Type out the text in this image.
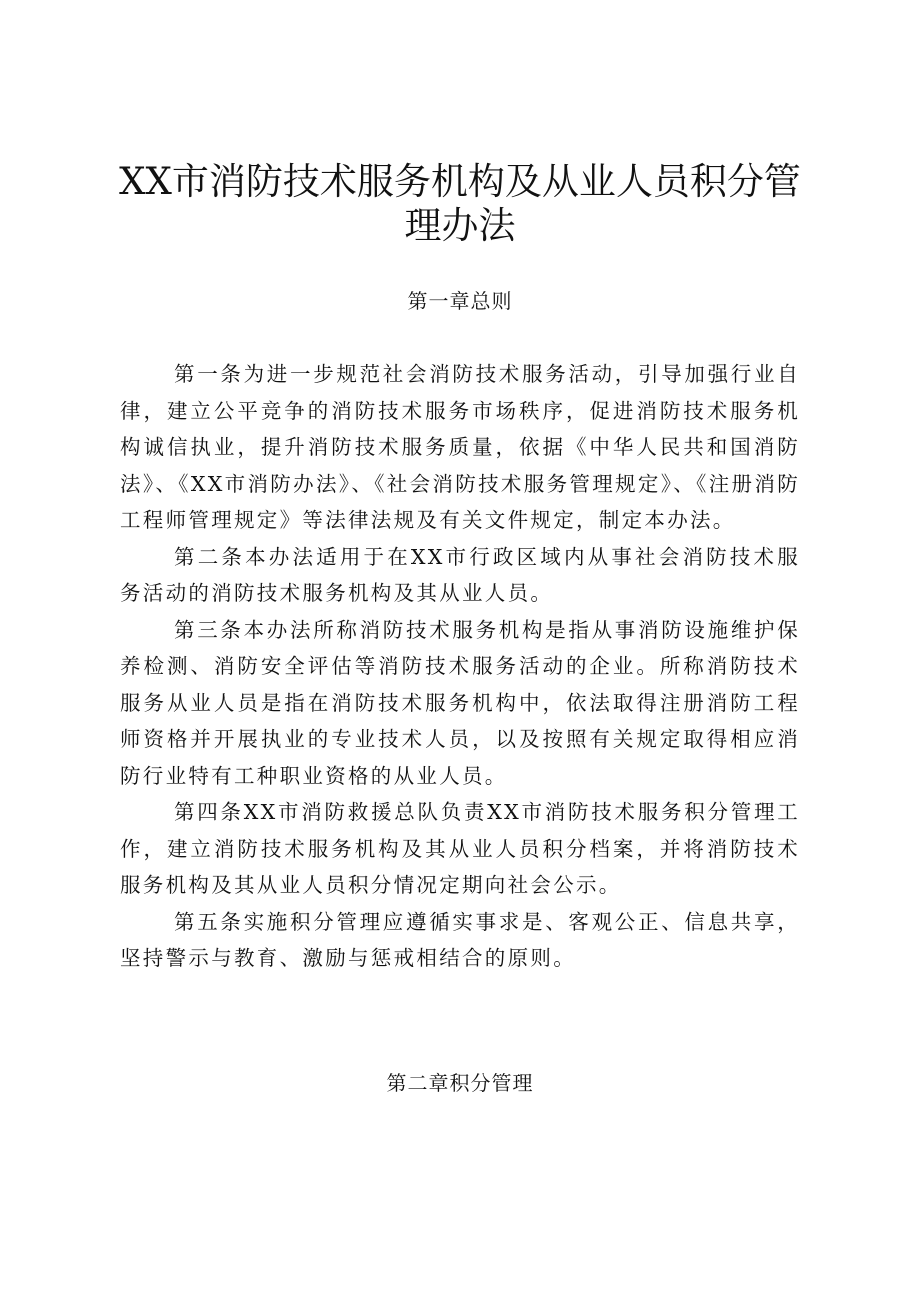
XX市消防技术服务机构及从业人员积分管
理办法
第一章总则

第一条为进一步规范社会消防技术服务活动，引导加强行业自律，建立公平竞争的消防技术服务市场秩序，促进消防技术服务机构诚信执业，提升消防技术服务质量，依据《中华人民共和国消防法》、《XX市消防办法》、《社会消防技术服务管理规定》、《注册消防工程师管理规定》等法律法规及有关文件规定，制定本办法。

第二条本办法适用于在XX市行政区域内从事社会消防技术服务活动的消防技术服务机构及其从业人员。

第三条本办法所称消防技术服务机构是指从事消防设施维护保养检测、消防安全评估等消防技术服务活动的企业。所称消防技术服务从业人员是指在消防技术服务机构中，依法取得注册消防工程师资格并开展执业的专业技术人员，以及按照有关规定取得相应消防行业特有工种职业资格的从业人员。

第四条XX市消防救援总队负责XX市消防技术服务积分管理工作，建立消防技术服务机构及其从业人员积分档案，并将消防技术服务机构及其从业人员积分情况定期向社会公示。

第五条实施积分管理应遵循实事求是、客观公正、信息共享，坚持警示与教育、激励与惩戒相结合的原则。

第二章积分管理
